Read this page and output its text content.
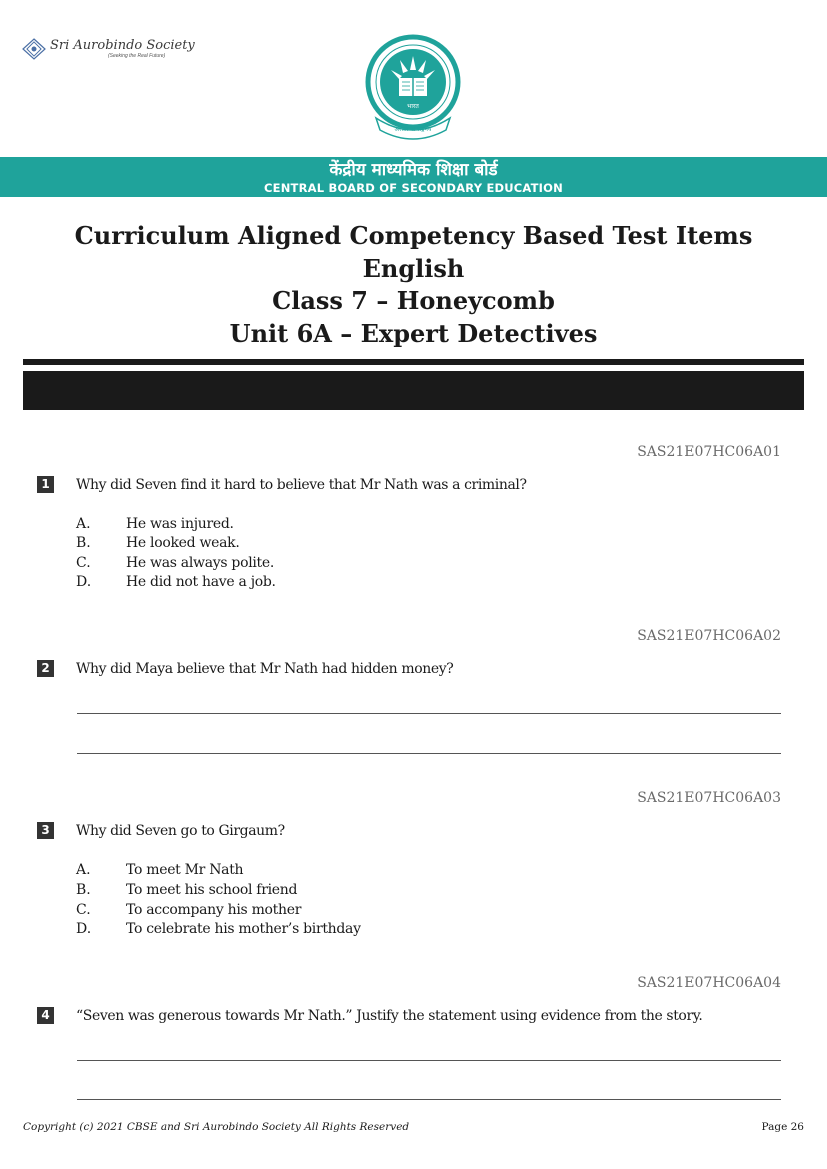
Sri Aurobindo Society
(Seeking the Real Future)
भारत
असतो मा सद्गमय
केंद्रीय माध्यमिक शिक्षा बोर्ड
CENTRAL BOARD OF SECONDARY EDUCATION
Curriculum Aligned Competency Based Test Items
English
Class 7 – Honeycomb
Unit 6A – Expert Detectives
SAS21E07HC06A01
1	Why did Seven find it hard to believe that Mr Nath was a criminal?
A.	He was injured.
B.	He looked weak.
C.	He was always polite.
D. He did not have a job.
SAS21E07HC06A02
2	Why did Maya believe that Mr Nath had hidden money?
SAS21E07HC06A03
3	Why did Seven go to Girgaum?
A.	To meet Mr Nath
B.	To meet his school friend
C.	To accompany his mother
D. To celebrate his mother’s birthday
SAS21E07HC06A04
4	“Seven was generous towards Mr Nath.” Justify the statement using evidence from the story.
Copyright (c) 2021 CBSE and Sri Aurobindo Society All Rights Reserved	Page 26
